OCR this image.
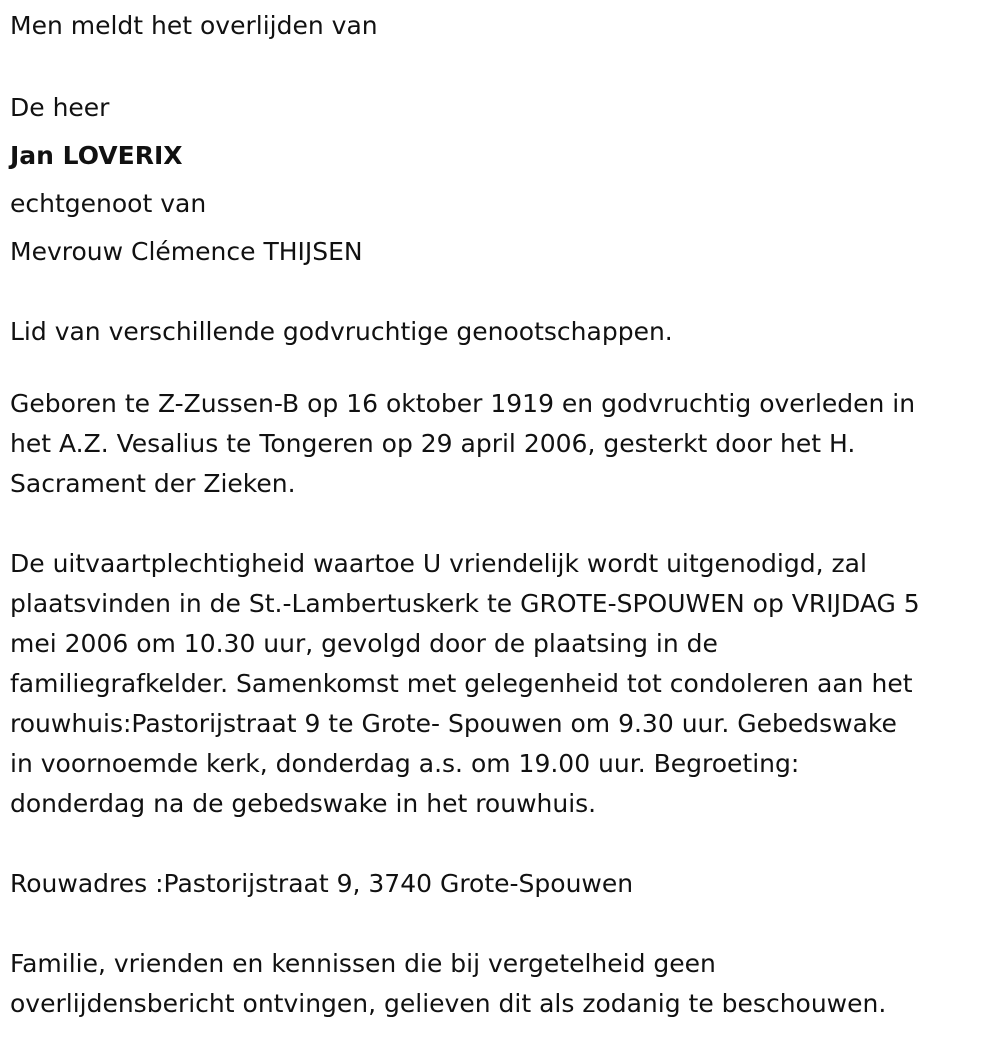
Men meldt het overlijden van

De heer

Jan LOVERIX

echtgenoot van

Mevrouw Clémence THIJSEN

Lid van verschillende godvruchtige genootschappen.

Geboren te Z-Zussen-B op 16 oktober 1919 en godvruchtig overleden in

het A.Z. Vesalius te Tongeren op 29 april 2006, gesterkt door het H.

Sacrament der Zieken.

De uitvaartplechtigheid waartoe U vriendelijk wordt uitgenodigd, zal

plaatsvinden in de St.-Lambertuskerk te GROTE-SPOUWEN op VRIJDAG 5

mei 2006 om 10.30 uur, gevolgd door de plaatsing in de

familiegrafkelder. Samenkomst met gelegenheid tot condoleren aan het

rouwhuis:Pastorijstraat 9 te Grote- Spouwen om 9.30 uur. Gebedswake

in voornoemde kerk, donderdag a.s. om 19.00 uur. Begroeting:

donderdag na de gebedswake in het rouwhuis.

Rouwadres :Pastorijstraat 9, 3740 Grote-Spouwen

Familie, vrienden en kennissen die bij vergetelheid geen

overlijdensbericht ontvingen, gelieven dit als zodanig te beschouwen.
